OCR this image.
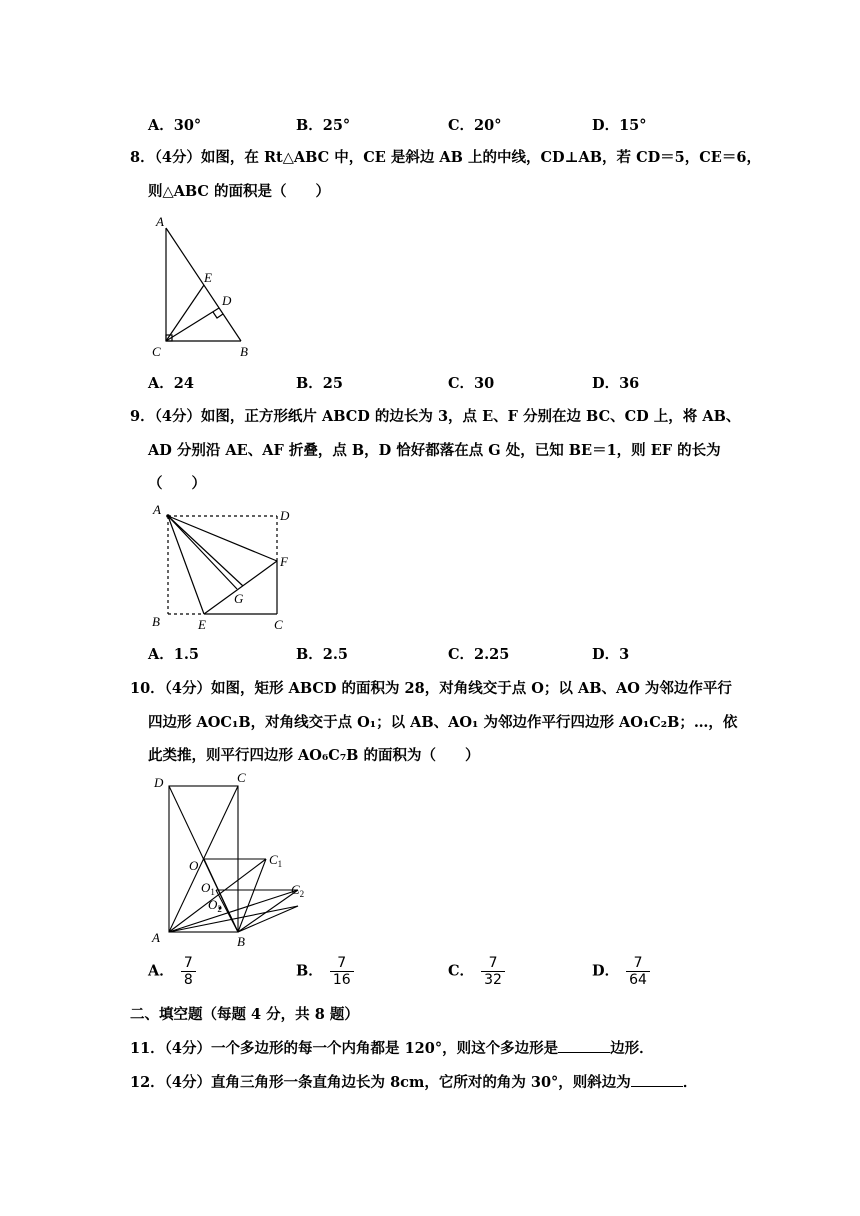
A．30°	B．25°	C．20°	D．15°
8．（4分）如图，在 Rt△ABC 中，CE 是斜边 AB 上的中线，CD⊥AB，若 CD＝5，CE＝6，
则△ABC 的面积是（　　）
A
E
D
C	B
A．24	B．25	C．30	D．36
9．（4分）如图，正方形纸片 ABCD 的边长为 3，点 E、F 分别在边 BC、CD 上，将 AB、
AD 分别沿 AE、AF 折叠，点 B，D 恰好都落在点 G 处，已知 BE＝1，则 EF 的长为
（　　）
A	D
F
G
B	E	C
A．1.5	B．2.5	C．2.25	D．3
10．（4分）如图，矩形 ABCD 的面积为 28，对角线交于点 O；以 AB、AO 为邻边作平行
四边形 AOC₁B，对角线交于点 O₁；以 AB、AO₁ 为邻边作平行四边形 AO₁C₂B；…，依
此类推，则平行四边形 AO₆C₇B 的面积为（　　）
D	C
O	$C_1$
$O_1$
$O_2$
$C_2$
A	B
A． $\frac{7}{8}$	B． $\frac{7}{16}$	C． $\frac{7}{32}$	D． $\frac{7}{64}$
二、填空题（每题 4 分，共 8 题）
11．（4分）一个多边形的每一个内角都是 120°，则这个多边形是	边形．
12．（4分）直角三角形一条直角边长为 8cm，它所对的角为 30°，则斜边为	．
